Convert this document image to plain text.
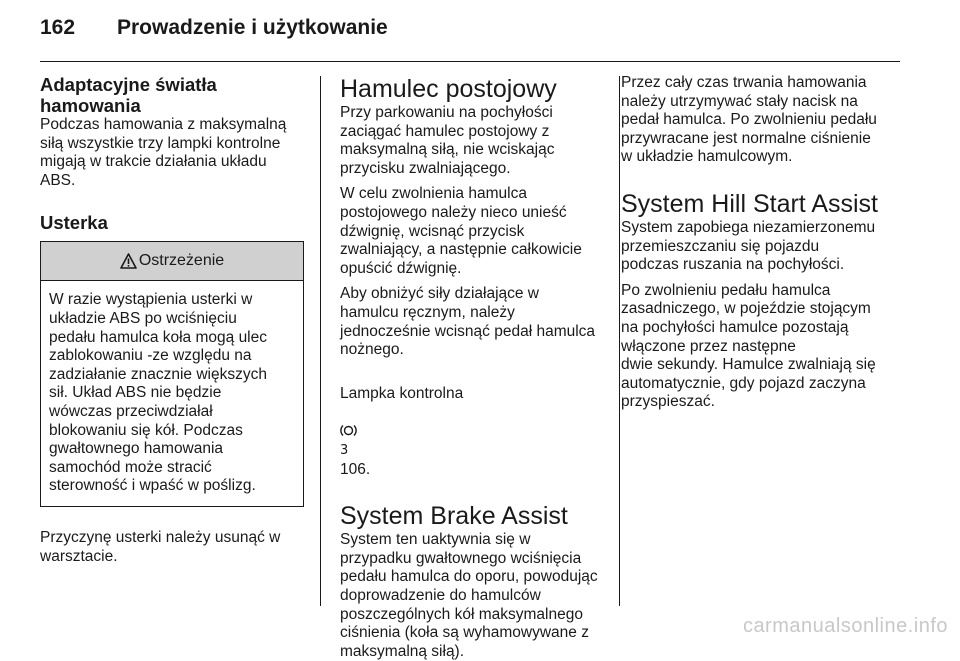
162 Prowadzenie i użytkowanie
Adaptacyjne światła
hamowania

Podczas hamowania z maksymalną
siłą wszystkie trzy lampki kontrolne
migają w trakcie działania układu
ABS.

Usterka
Ostrzeżenie

W razie wystąpienia usterki w
układzie ABS po wciśnięciu
pedału hamulca koła mogą ulec
zablokowaniu -ze względu na
zadziałanie znacznie większych
sił. Układ ABS nie będzie
wówczas przeciwdziałał
blokowaniu się kół. Podczas
gwałtownego hamowania
samochód może stracić
sterowność i wpaść w poślizg.

Przyczynę usterki należy usunąć w
warsztacie.

Hamulec postojowy

Przy parkowaniu na pochyłości
zaciągać hamulec postojowy z
maksymalną siłą, nie wciskając
przycisku zwalniającego.

W celu zwolnienia hamulca
postojowego należy nieco unieść
dźwignię, wcisnąć przycisk
zwalniający, a następnie całkowicie
opuścić dźwignię.

Aby obniżyć siły działające w
hamulcu ręcznym, należy
jednocześnie wcisnąć pedał hamulca
nożnego.

Lampka kontrolna

3
106.

System Brake Assist

System ten uaktywnia się w
przypadku gwałtownego wciśnięcia
pedału hamulca do oporu, powodując
doprowadzenie do hamulców
poszczególnych kół maksymalnego
ciśnienia (koła są wyhamowywane z
maksymalną siłą).

Przez cały czas trwania hamowania
należy utrzymywać stały nacisk na
pedał hamulca. Po zwolnieniu pedału
przywracane jest normalne ciśnienie
w układzie hamulcowym.

System Hill Start Assist

System zapobiega niezamierzonemu
przemieszczaniu się pojazdu
podczas ruszania na pochyłości.

Po zwolnieniu pedału hamulca
zasadniczego, w pojeździe stojącym
na pochyłości hamulce pozostają
włączone przez następne
dwie sekundy. Hamulce zwalniają się
automatycznie, gdy pojazd zaczyna
przyspieszać.

carmanualsonline.info
